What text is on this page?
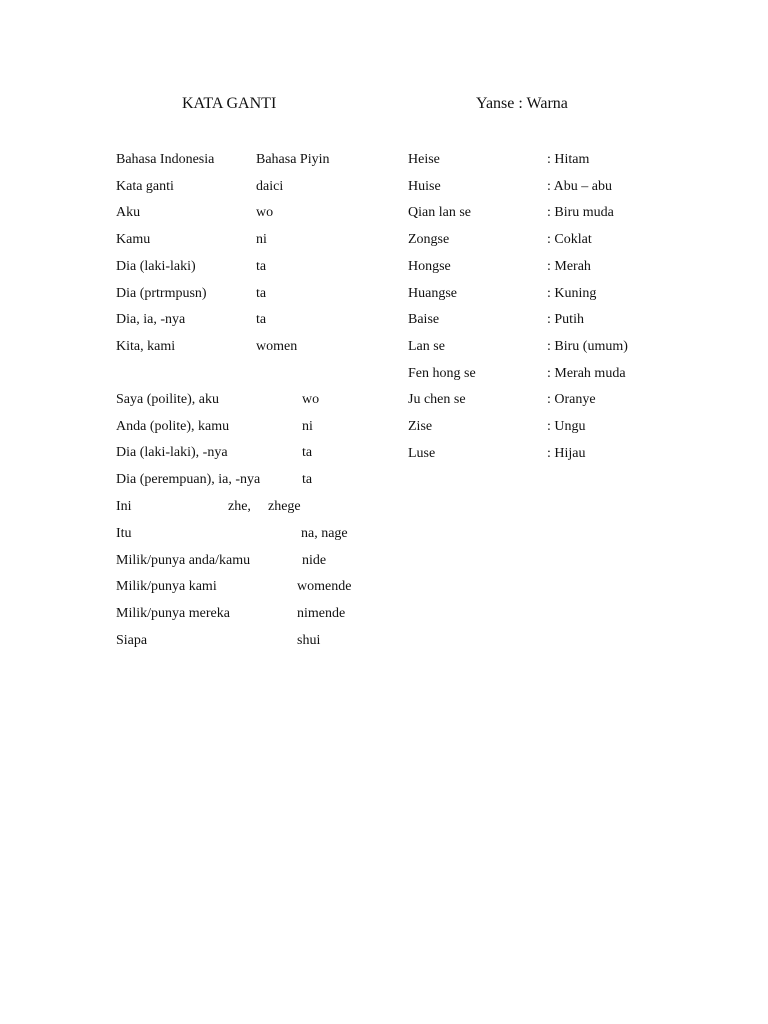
KATA GANTI	Yanse : Warna
Bahasa Indonesia	Bahasa Piyin
Kata ganti	daici
Aku	wo
Kamu	ni
Dia (laki-laki)	ta
Dia (prtrmpusn)	ta
Dia, ia, -nya	ta
Kita, kami	women
Saya (poilite), aku	wo
Anda (polite), kamu	ni
Dia (laki-laki), -nya	ta
Dia (perempuan), ia, -nya	ta
Ini	zhe, zhege
Itu	na, nage
Milik/punya anda/kamu	nide
Milik/punya kami	womende
Milik/punya mereka	nimende
Siapa	shui
Heise	: Hitam
Huise	: Abu – abu
Qian lan se	: Biru muda
Zongse	: Coklat
Hongse	: Merah
Huangse	: Kuning
Baise	: Putih
Lan se	: Biru (umum)
Fen hong se	: Merah muda
Ju chen se	: Oranye
Zise	: Ungu
Luse	: Hijau
